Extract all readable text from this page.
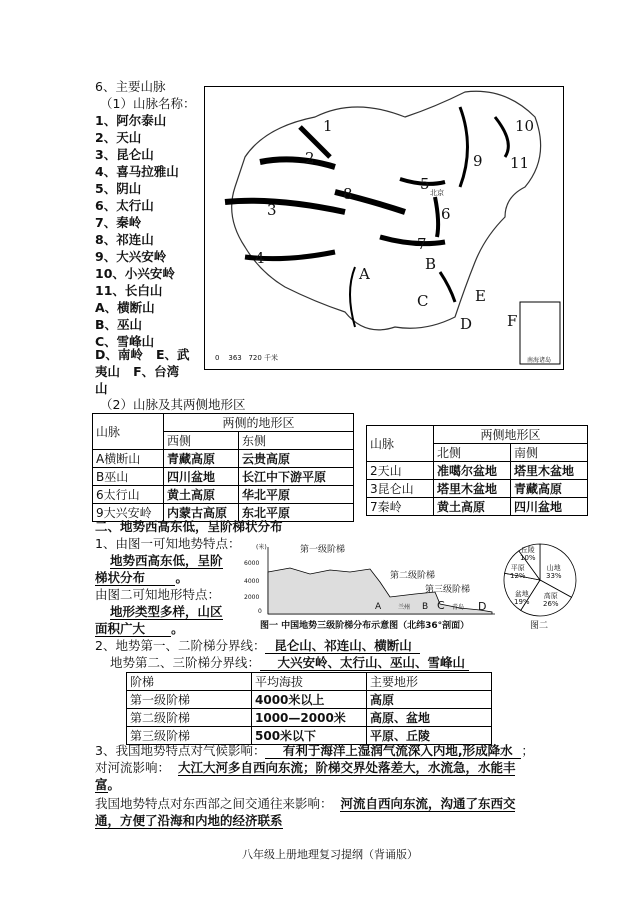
6、主要山脉
（1）山脉名称：
1、阿尔泰山
2、天山
3、昆仑山
4、喜马拉雅山
5、阴山
6、太行山
7、秦岭
8、祁连山
9、大兴安岭
10、小兴安岭
11、长白山
A、横断山
B、巫山
C、雪峰山
D、南岭 E、武
夷山 F、台湾
山
1
2
3
4
5
6
7
8
9
10
11
A
B
C
D
E
F
北京
0 363 720 千米	南海诸岛
（2）山脉及其两侧地形区
山脉	两侧的地形区	
	西侧	东侧
A横断山	青藏高原	云贵高原
B巫山	四川盆地	长江中下游平原
6太行山	黄土高原	华北平原
9大兴安岭	内蒙古高原	东北平原
山脉	两侧地形区	
	北侧	南侧
2天山	准噶尔盆地	塔里木盆地
3昆仑山	塔里木盆地	青藏高原
7秦岭	黄土高原	四川盆地
二、地势西高东低，呈阶梯状分布
1、由图一可知地势特点：
地势西高东低，呈阶
梯状分布 。
由图二可知地形特点：
地形类型多样，山区
面积广大 。
第一级阶梯
第二级阶梯
第三级阶梯
(米)
6000
4000
2000
0	A	兰州 B C 青岛 D
图一 中国地势三级阶梯分布示意图（北纬36°剖面）
山地
33%
高原
26%
盆地
19%
平原
12%
丘陵
10%
图二
2、地势第一、二阶梯分界线： 昆仑山、祁连山、横断山
地势第二、三阶梯分界线： 大兴安岭、太行山、巫山、雪峰山
阶梯	平均海拔	主要地形
第一级阶梯	4000米以上	高原
第二级阶梯	1000—2000米	高原、盆地
第三级阶梯	500米以下	平原、丘陵
3、我国地势特点对气候影响： 有利于海洋上湿润气流深入内地,形成降水 ；
对河流影响： 大江大河多自西向东流；阶梯交界处落差大，水流急，水能丰
富。
我国地势特点对东西部之间交通往来影响： 河流自西向东流，沟通了东西交
通，方便了沿海和内地的经济联系
八年级上册地理复习提纲（背诵版）
